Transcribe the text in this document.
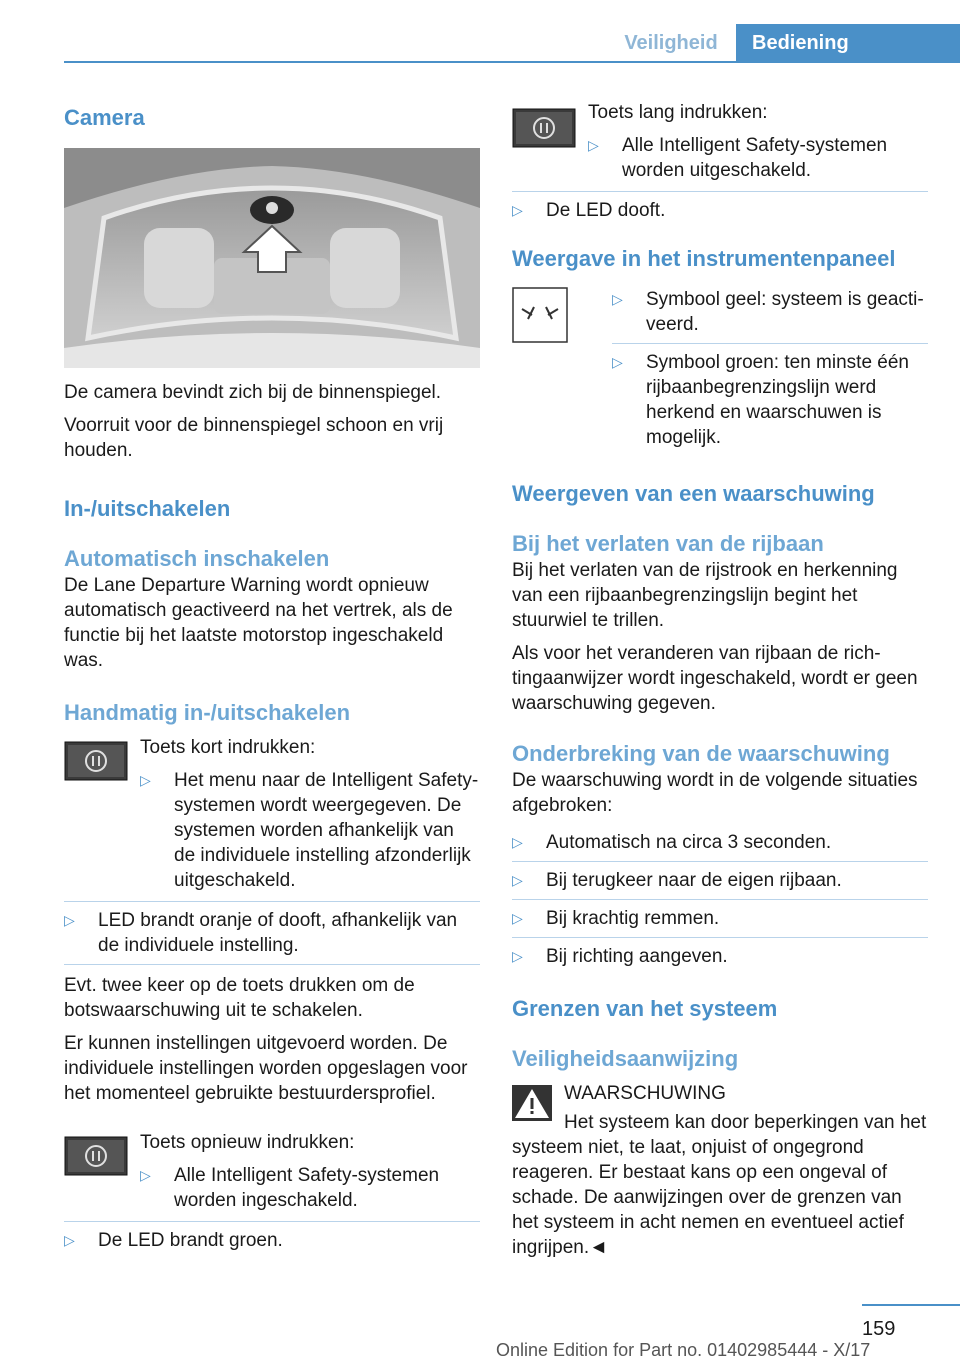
Veiligheid	Bediening
Camera
De camera bevindt zich bij de binnenspiegel.
Voorruit voor de binnenspiegel schoon en vrij houden.
In-/uitschakelen
Automatisch inschakelen
De Lane Departure Warning wordt opnieuw automatisch geactiveerd na het vertrek, als de functie bij het laatste motorstop ingeschakeld was.
Handmatig in-/uitschakelen
Toets kort indrukken:
▷	Het menu naar de Intelligent Safety-systemen wordt weergegeven. De systemen worden afhankelijk van de individuele instelling afzonderlijk uitgeschakeld.
▷	LED brandt oranje of dooft, afhankelijk van de individuele instelling.
Evt. twee keer op de toets drukken om de botswaarschuwing uit te schakelen.
Er kunnen instellingen uitgevoerd worden. De individuele instellingen worden opgeslagen voor het momenteel gebruikte bestuurdersprofiel.
Toets opnieuw indrukken:
▷	Alle Intelligent Safety-systemen worden ingeschakeld.
▷	De LED brandt groen.
Toets lang indrukken:
▷	Alle Intelligent Safety-systemen worden uitgeschakeld.
▷	De LED dooft.
Weergave in het instrumentenpaneel
▷	Symbool geel: systeem is geactiveerd.
▷	Symbool groen: ten minste één rijbaanbegrenzingslijn werd herkend en waarschuwen is mogelijk.
Weergeven van een waarschuwing
Bij het verlaten van de rijbaan
Bij het verlaten van de rijstrook en herkenning van een rijbaanbegrenzingslijn begint het stuurwiel te trillen.
Als voor het veranderen van rijbaan de richtingaanwijzer wordt ingeschakeld, wordt er geen waarschuwing gegeven.
Onderbreking van de waarschuwing
De waarschuwing wordt in de volgende situaties afgebroken:
▷	Automatisch na circa 3 seconden.
▷	Bij terugkeer naar de eigen rijbaan.
▷	Bij krachtig remmen.
▷	Bij richting aangeven.
Grenzen van het systeem
Veiligheidsaanwijzing
WAARSCHUWING
Het systeem kan door beperkingen van het systeem niet, te laat, onjuist of ongegrond reageren. Er bestaat kans op een ongeval of schade. De aanwijzingen over de grenzen van het systeem in acht nemen en eventueel actief ingrijpen.◄
159
Online Edition for Part no. 01402985444 - X/17
